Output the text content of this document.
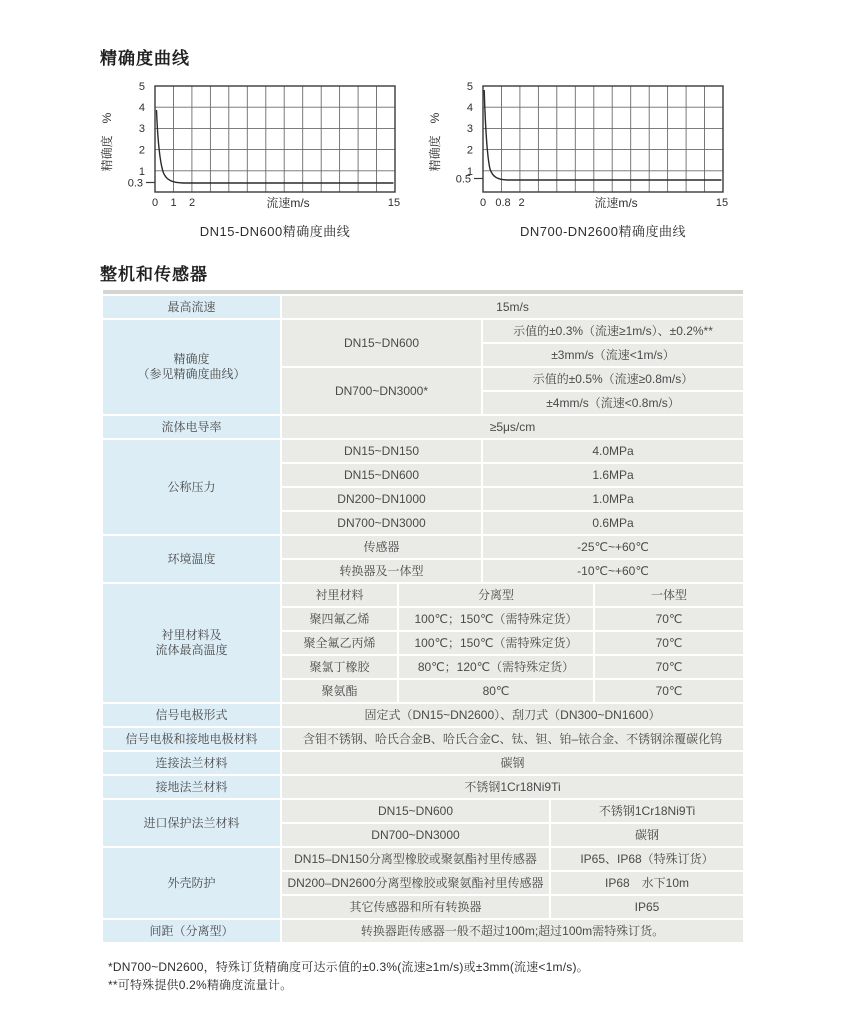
精确度曲线
精确度　%
5
4
3
2
1
0.3
0 1 2	流速m/s	15
DN15-DN600精确度曲线
精确度　%
5
4
3
2
1
0.5
0 0.8 2	流速m/s	15
DN700-DN2600精确度曲线
整机和传感器
最高流速	15m/s				

精确度
（参见精确度曲线）	DN15~DN600		示值的±0.3%（流速≥1m/s）、±0.2%**		
			±3mm/s（流速<1m/s）		
	DN700~DN3000*		示值的±0.5%（流速≥0.8m/s）		
			±4mm/s（流速<0.8m/s）		
流体电导率	≥5μs/cm				
公称压力	DN15~DN150		4.0MPa		
	DN15~DN600		1.6MPa		
	DN200~DN1000		1.0MPa		
	DN700~DN3000		0.6MPa		
环境温度	传感器		-25℃~+60℃		
	转换器及一体型		-10℃~+60℃		

衬里材料及
流体最高温度	衬里材料	分离型			一体型
	聚四氟乙烯	100℃；150℃（需特殊定货）			70℃
	聚全氟乙丙烯	100℃；150℃（需特殊定货）			70℃
	聚氯丁橡胶	80℃；120℃（需特殊定货）			70℃
	聚氨酯	80℃			70℃
信号电极形式	固定式（DN15~DN2600）、刮刀式（DN300~DN1600）				
信号电极和接地电极材料	含钼不锈钢、哈氏合金B、哈氏合金C、钛、钽、铂–铱合金、不锈钢涂覆碳化钨				
连接法兰材料	碳钢				
接地法兰材料	不锈钢1Cr18Ni9Ti				
进口保护法兰材料	DN15~DN600			不锈钢1Cr18Ni9Ti	
	DN700~DN3000			碳钢	
外壳防护	DN15–DN150分离型橡胶或聚氨酯衬里传感器			IP65、IP68（特殊订货）	
	DN200–DN2600分离型橡胶或聚氨酯衬里传感器			IP68　水下10m	
	其它传感器和所有转换器			IP65	
间距（分离型）	转换器距传感器一般不超过100m;超过100m需特殊订货。				
*DN700~DN2600，特殊订货精确度可达示值的±0.3%(流速≥1m/s)或±3mm(流速<1m/s)。
**可特殊提供0.2%精确度流量计。
